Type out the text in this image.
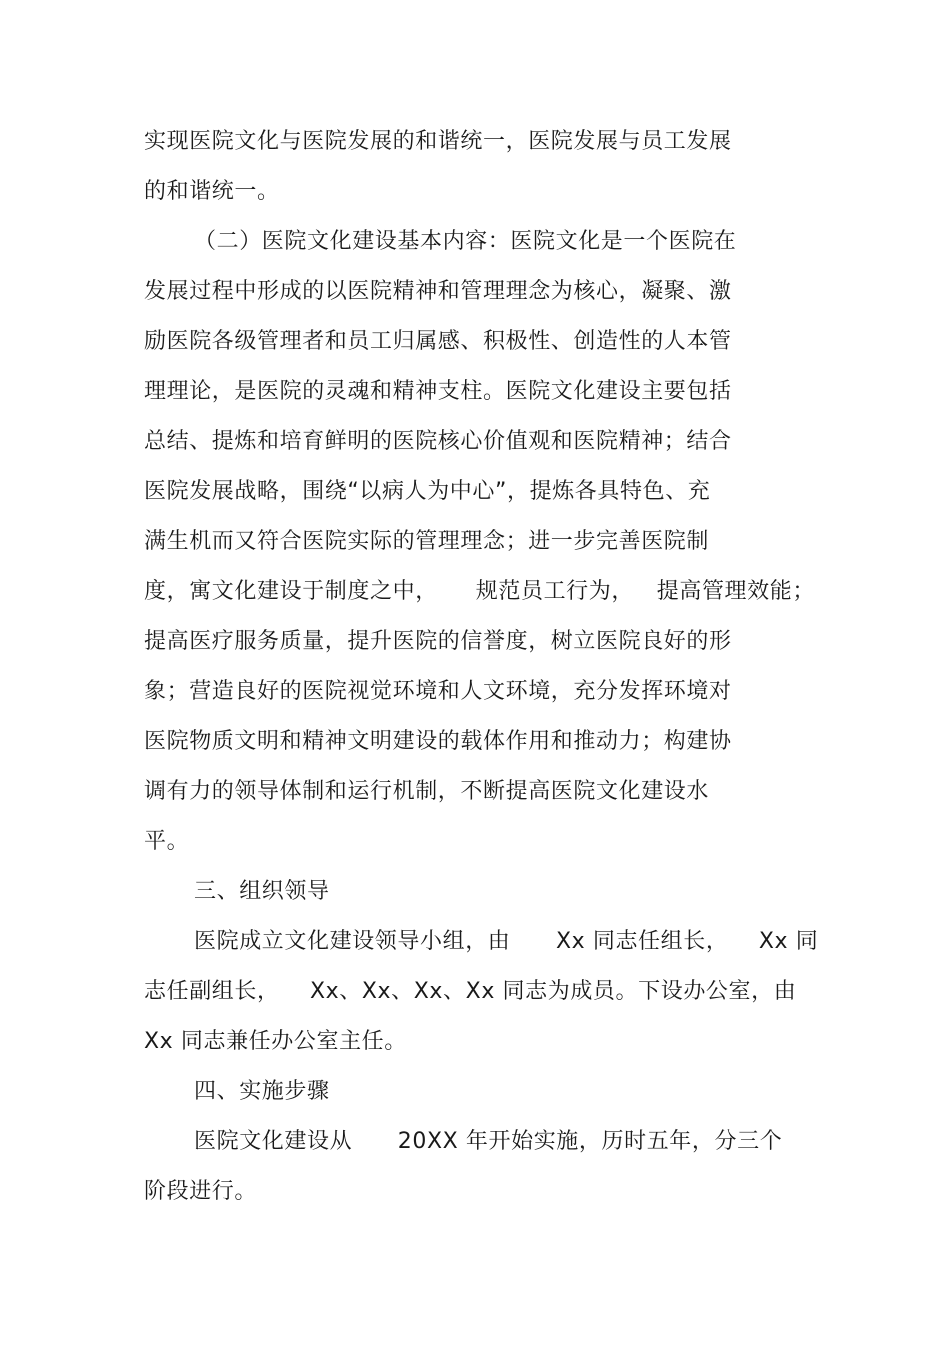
实现医院文化与医院发展的和谐统一，医院发展与员工发展
的和谐统一。
（二）医院文化建设基本内容：医院文化是一个医院在
发展过程中形成的以医院精神和管理理念为核心，凝聚、激
励医院各级管理者和员工归属感、积极性、创造性的人本管
理理论，是医院的灵魂和精神支柱。医院文化建设主要包括
总结、提炼和培育鲜明的医院核心价值观和医院精神；结合
医院发展战略，围绕“以病人为中心”，提炼各具特色、充
满生机而又符合医院实际的管理理念；进一步完善医院制
度，寓文化建设于制度之中，     规范员工行为，   提高管理效能；
提高医疗服务质量，提升医院的信誉度，树立医院良好的形
象；营造良好的医院视觉环境和人文环境，充分发挥环境对
医院物质文明和精神文明建设的载体作用和推动力；构建协
调有力的领导体制和运行机制，不断提高医院文化建设水
平。
三、组织领导
医院成立文化建设领导小组，由      Xx 同志任组长，    Xx 同
志任副组长，    Xx、Xx、Xx、Xx 同志为成员。下设办公室，由
Xx 同志兼任办公室主任。
四、实施步骤
医院文化建设从      20XX 年开始实施，历时五年，分三个
阶段进行。
